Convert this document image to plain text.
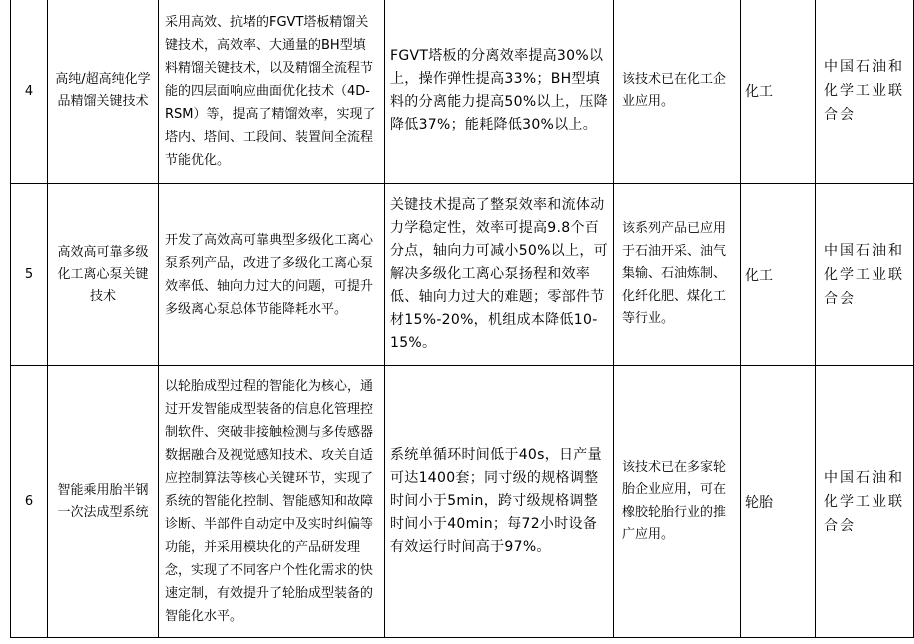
4	高纯/超高纯化学品精馏关键技术	采用高效、抗堵的FGVT塔板精馏关键技术，高效率、大通量的BH型填料精馏关键技术，以及精馏全流程节能的四层面响应曲面优化技术（4D-RSM）等，提高了精馏效率，实现了塔内、塔间、工段间、装置间全流程节能优化。	FGVT塔板的分离效率提高30%以上，操作弹性提高33%；BH型填料的分离能力提高50%以上，压降降低37%；能耗降低30%以上。	该技术已在化工企业应用。	化工	中国石油和化学工业联合会

5	高效高可靠多级化工离心泵关键技术	开发了高效高可靠典型多级化工离心泵系列产品，改进了多级化工离心泵效率低、轴向力过大的问题，可提升多级离心泵总体节能降耗水平。	关键技术提高了整泵效率和流体动力学稳定性，效率可提高9.8个百分点，轴向力可减小50%以上，可解决多级化工离心泵扬程和效率低、轴向力过大的难题；零部件节材15%-20%，机组成本降低10-15%。	该系列产品已应用于石油开采、油气集输、石油炼制、化纤化肥、煤化工等行业。	化工	中国石油和化学工业联合会

6	智能乘用胎半钢一次法成型系统	以轮胎成型过程的智能化为核心，通过开发智能成型装备的信息化管理控制软件、突破非接触检测与多传感器数据融合及视觉感知技术、攻关自适应控制算法等核心关键环节，实现了系统的智能化控制、智能感知和故障诊断、半部件自动定中及实时纠偏等功能，并采用模块化的产品研发理念，实现了不同客户个性化需求的快速定制，有效提升了轮胎成型装备的智能化水平。	系统单循环时间低于40s，日产量可达1400套；同寸级的规格调整时间小于5min，跨寸级规格调整时间小于40min；每72小时设备有效运行时间高于97%。	该技术已在多家轮胎企业应用，可在橡胶轮胎行业的推广应用。	轮胎	中国石油和化学工业联合会
